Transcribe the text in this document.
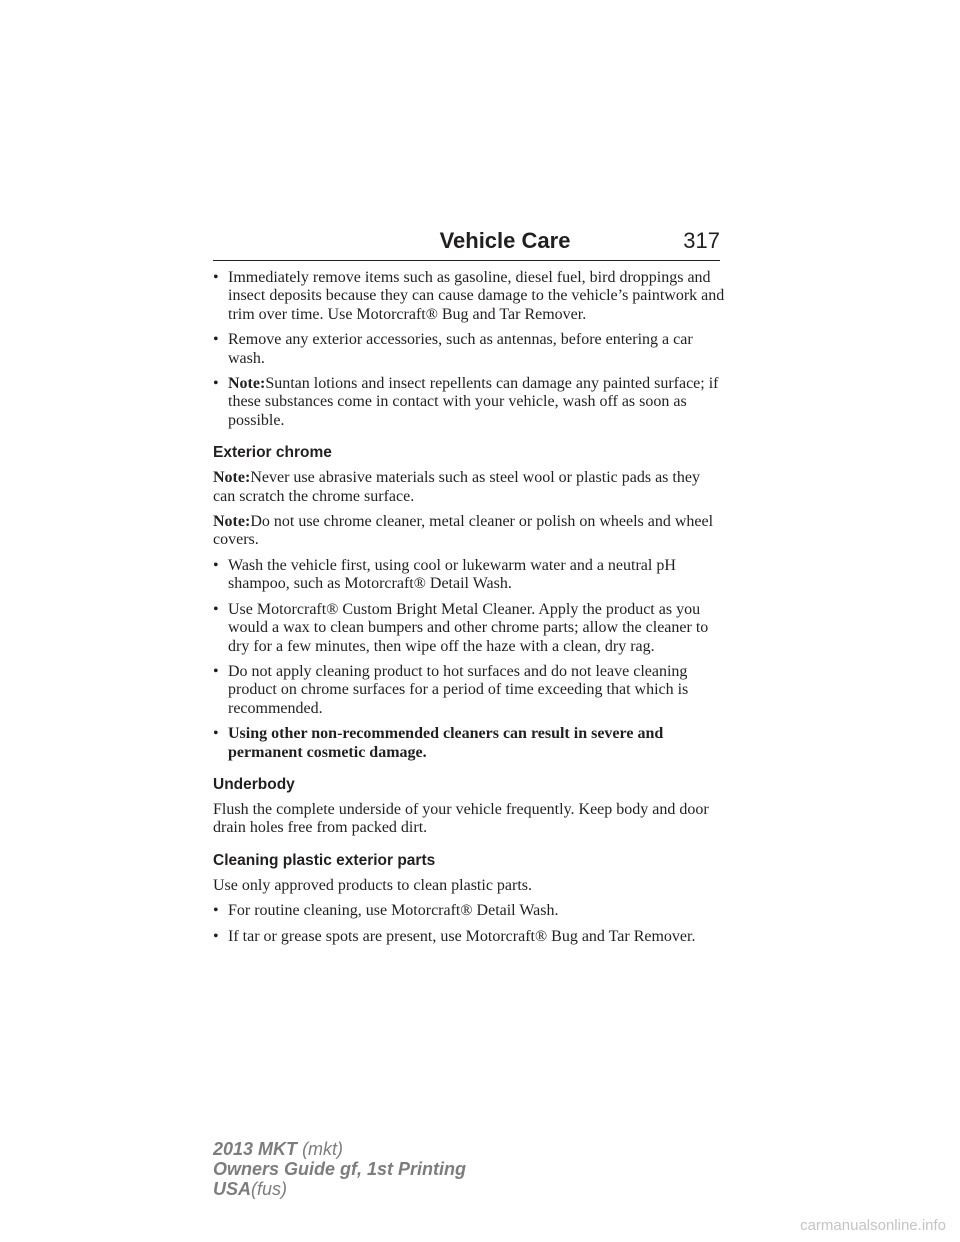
Vehicle Care	317
• Immediately remove items such as gasoline, diesel fuel, bird droppings and insect deposits because they can cause damage to the vehicle’s paintwork and trim over time. Use Motorcraft® Bug and Tar Remover.
• Remove any exterior accessories, such as antennas, before entering a car wash.
• Note:Suntan lotions and insect repellents can damage any painted surface; if these substances come in contact with your vehicle, wash off as soon as possible.
Exterior chrome
Note:Never use abrasive materials such as steel wool or plastic pads as they can scratch the chrome surface.
Note:Do not use chrome cleaner, metal cleaner or polish on wheels and wheel covers.
• Wash the vehicle first, using cool or lukewarm water and a neutral pH shampoo, such as Motorcraft® Detail Wash.
• Use Motorcraft® Custom Bright Metal Cleaner. Apply the product as you would a wax to clean bumpers and other chrome parts; allow the cleaner to dry for a few minutes, then wipe off the haze with a clean, dry rag.
• Do not apply cleaning product to hot surfaces and do not leave cleaning product on chrome surfaces for a period of time exceeding that which is recommended.
• Using other non-recommended cleaners can result in severe and permanent cosmetic damage.
Underbody
Flush the complete underside of your vehicle frequently. Keep body and door drain holes free from packed dirt.
Cleaning plastic exterior parts
Use only approved products to clean plastic parts.
• For routine cleaning, use Motorcraft® Detail Wash.
• If tar or grease spots are present, use Motorcraft® Bug and Tar Remover.
2013 MKT (mkt)
Owners Guide gf, 1st Printing
USA(fus)
carmanualsonline.info
